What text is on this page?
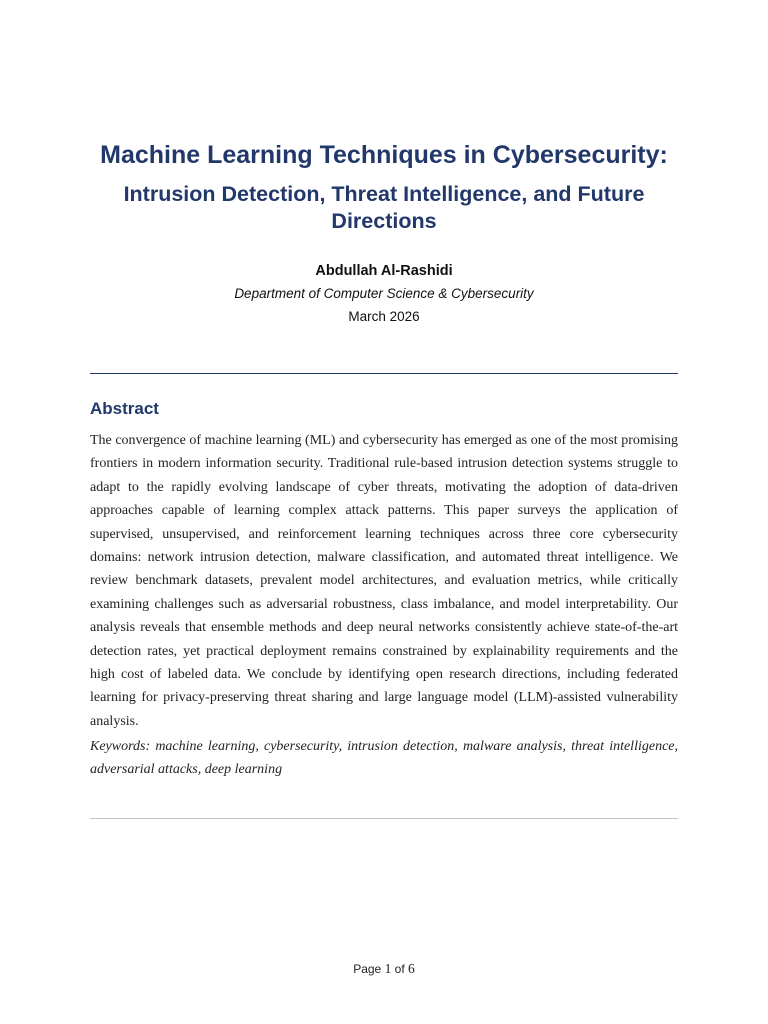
Machine Learning Techniques in Cybersecurity:
Intrusion Detection, Threat Intelligence, and Future Directions
Abdullah Al-Rashidi
Department of Computer Science & Cybersecurity
March 2026
Abstract

The convergence of machine learning (ML) and cybersecurity has emerged as one of the most promising frontiers in modern information security. Traditional rule-based intrusion detection systems struggle to adapt to the rapidly evolving landscape of cyber threats, motivating the adoption of data-driven approaches capable of learning complex attack patterns. This paper surveys the application of supervised, unsupervised, and reinforcement learning techniques across three core cybersecurity domains: network intrusion detection, malware classification, and automated threat intelligence. We review benchmark datasets, prevalent model architectures, and evaluation metrics, while critically examining challenges such as adversarial robustness, class imbalance, and model interpretability. Our analysis reveals that ensemble methods and deep neural networks consistently achieve state-of-the-art detection rates, yet practical deployment remains constrained by explainability requirements and the high cost of labeled data. We conclude by identifying open research directions, including federated learning for privacy-preserving threat sharing and large language model (LLM)-assisted vulnerability analysis.

Keywords: machine learning, cybersecurity, intrusion detection, malware analysis, threat intelligence, adversarial attacks, deep learning

Page 1 of 6
